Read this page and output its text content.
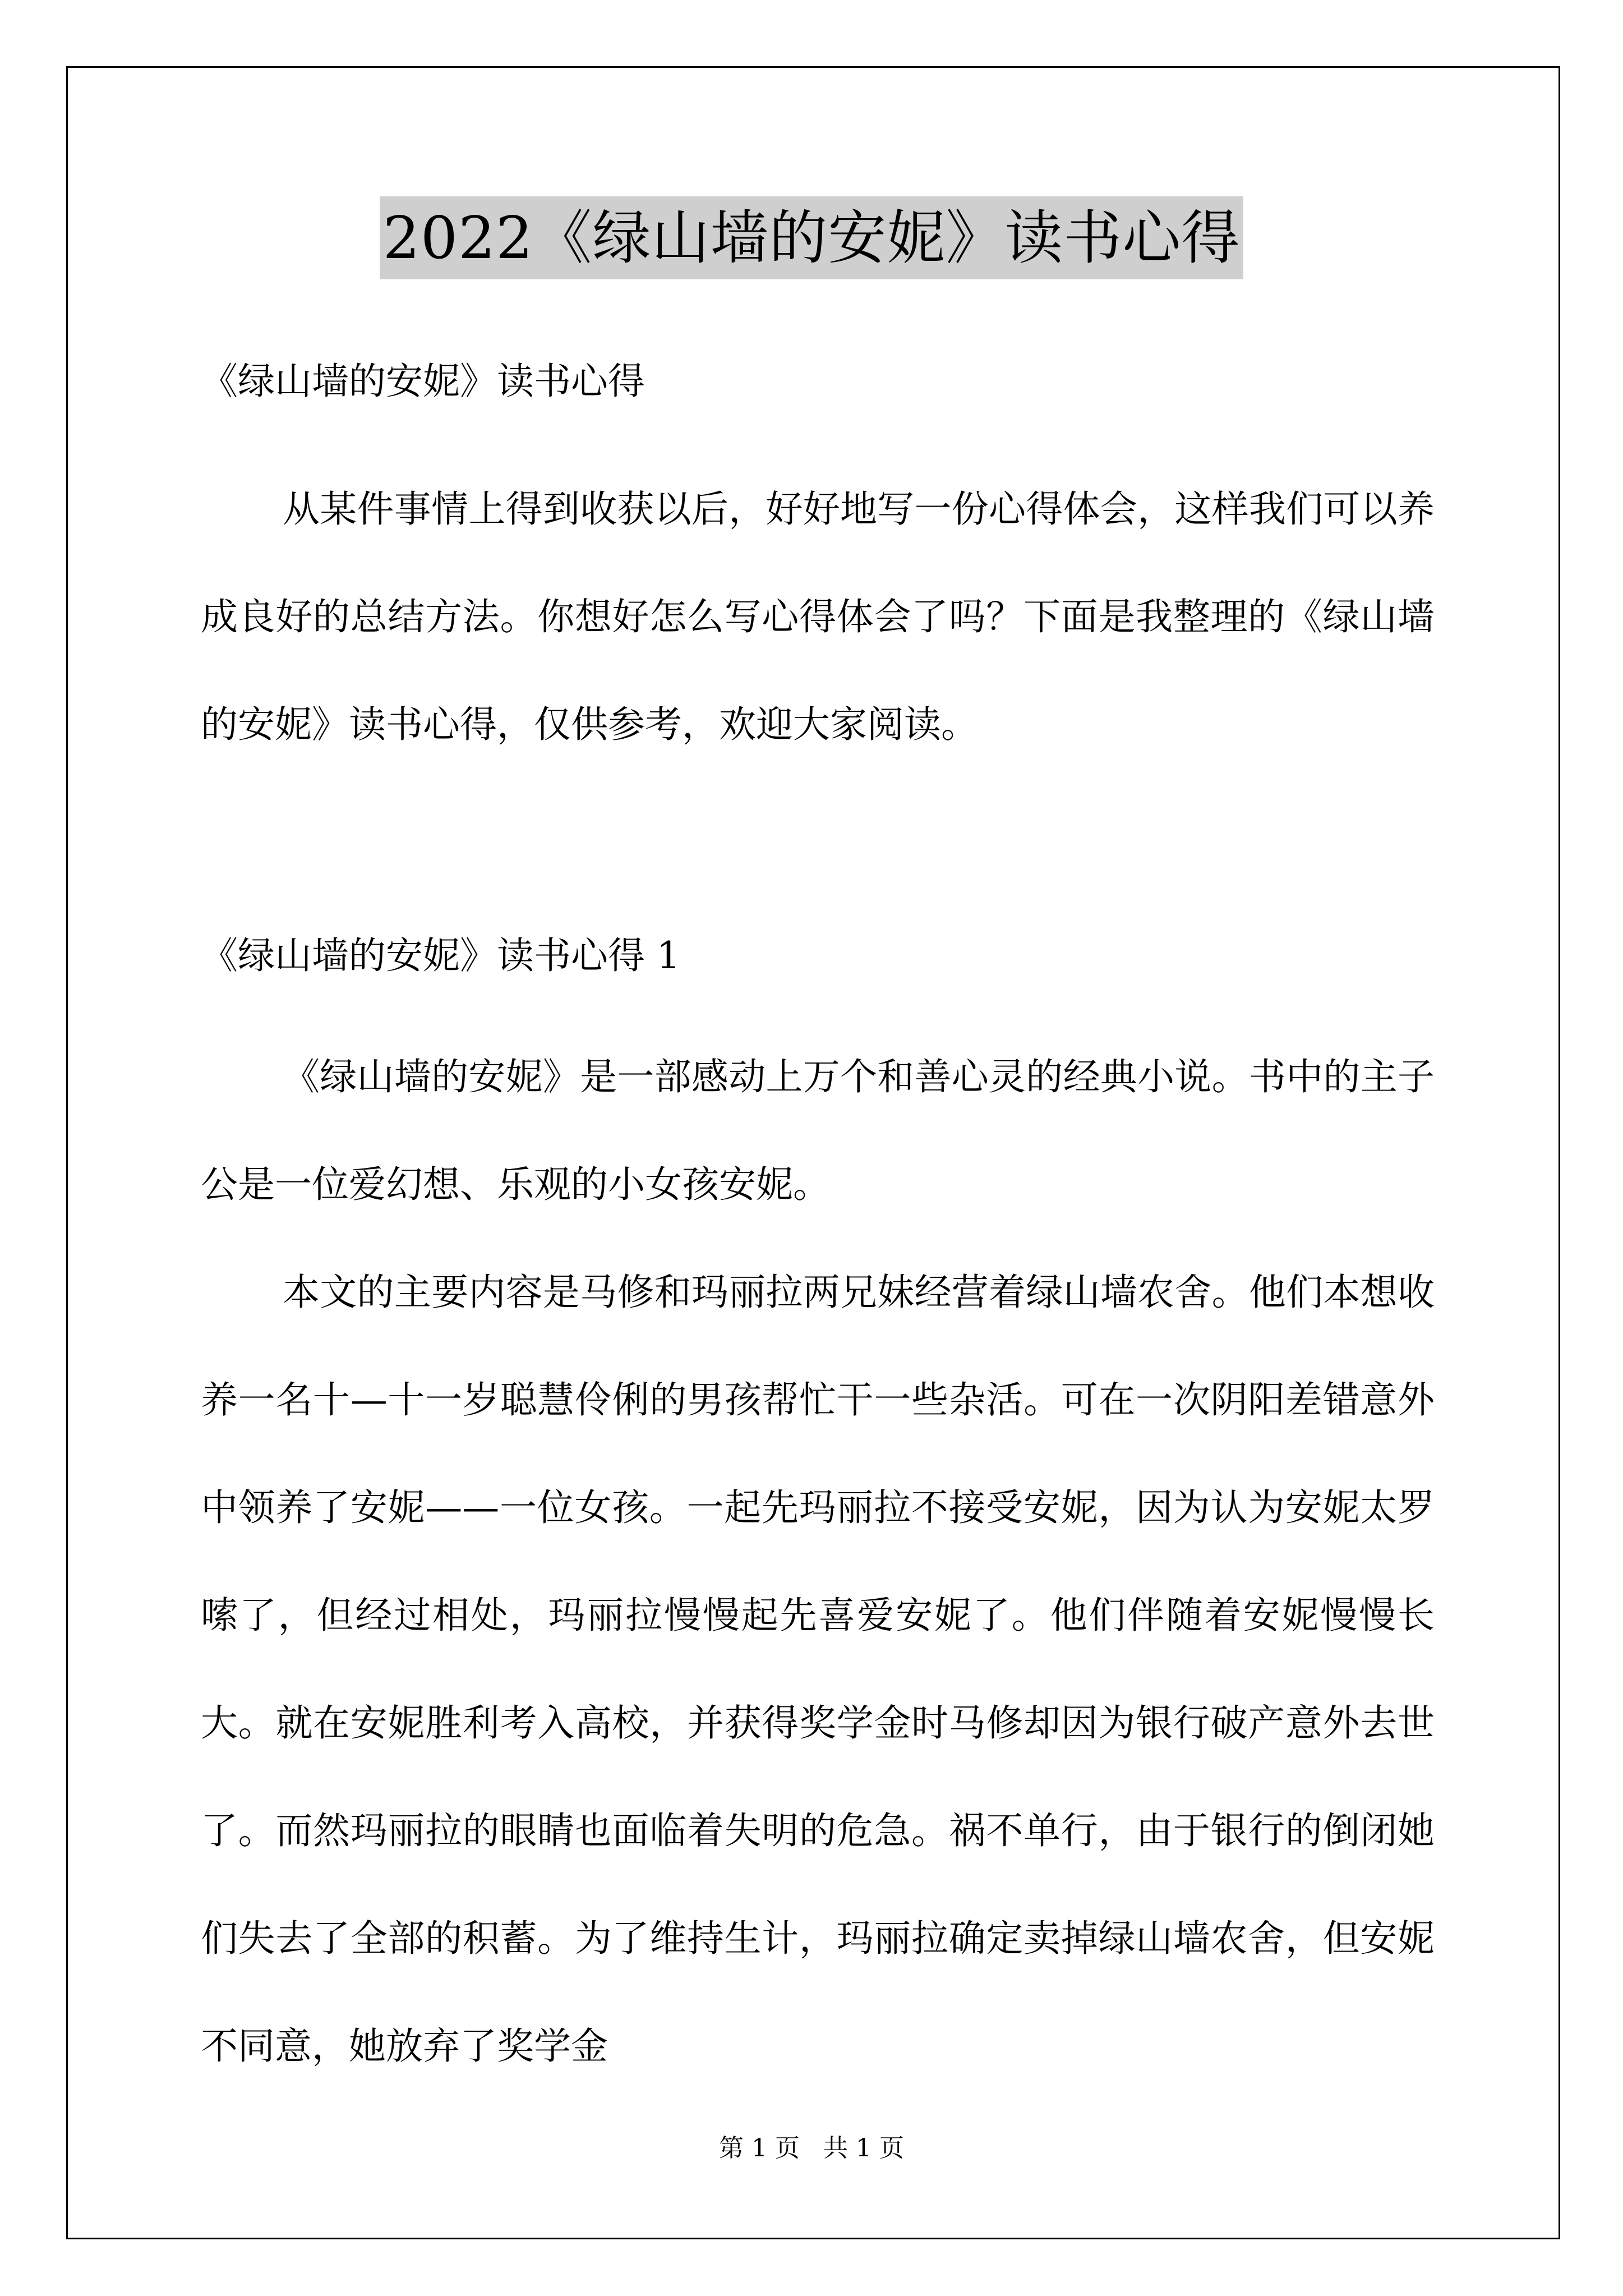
2022《绿山墙的安妮》读书心得

《绿山墙的安妮》读书心得

从某件事情上得到收获以后，好好地写一份心得体会，这样我们可以养成良好的总结方法。你想好怎么写心得体会了吗？下面是我整理的《绿山墙的安妮》读书心得，仅供参考，欢迎大家阅读。

《绿山墙的安妮》读书心得 1

《绿山墙的安妮》是一部感动上万个和善心灵的经典小说。书中的主子公是一位爱幻想、乐观的小女孩安妮。

本文的主要内容是马修和玛丽拉两兄妹经营着绿山墙农舍。他们本想收养一名十—十一岁聪慧伶俐的男孩帮忙干一些杂活。可在一次阴阳差错意外中领养了安妮——一位女孩。一起先玛丽拉不接受安妮，因为认为安妮太罗嗦了，但经过相处，玛丽拉慢慢起先喜爱安妮了。他们伴随着安妮慢慢长大。就在安妮胜利考入高校，并获得奖学金时马修却因为银行破产意外去世了。而然玛丽拉的眼睛也面临着失明的危急。祸不单行，由于银行的倒闭她们失去了全部的积蓄。为了维持生计，玛丽拉确定卖掉绿山墙农舍，但安妮不同意，她放弃了奖学金

第 1 页 共 1 页
